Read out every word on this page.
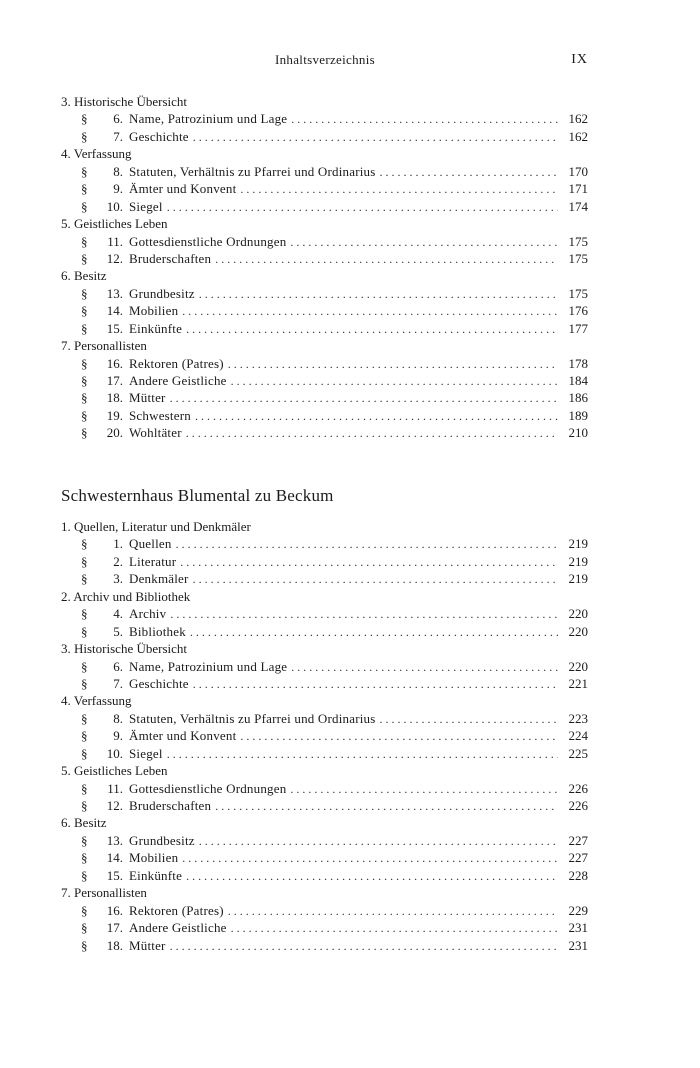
Inhaltsverzeichnis	IX
3. Historische Übersicht
§	6. Name, Patrozinium und Lage . . .	162
§	7. Geschichte . . .	162
4. Verfassung
§	8. Statuten, Verhältnis zu Pfarrei und Ordinarius . . .	170
§	9. Ämter und Konvent . . .	171
§	10. Siegel . . .	174
5. Geistliches Leben
§	11. Gottesdienstliche Ordnungen . . .	175
§	12. Bruderschaften . . .	175
6. Besitz
§	13. Grundbesitz . . .	175
§	14. Mobilien . . .	176
§	15. Einkünfte . . .	177
7. Personallisten
§	16. Rektoren (Patres) . . .	178
§	17. Andere Geistliche . . .	184
§	18. Mütter . . .	186
§	19. Schwestern . . .	189
§	20. Wohltäter . . .	210
Schwesternhaus Blumental zu Beckum
1. Quellen, Literatur und Denkmäler
§	1. Quellen . . .	219
§	2. Literatur . . .	219
§	3. Denkmäler . . .	219
2. Archiv und Bibliothek
§	4. Archiv . . .	220
§	5. Bibliothek . . .	220
3. Historische Übersicht
§	6. Name, Patrozinium und Lage . . .	220
§	7. Geschichte . . .	221
4. Verfassung
§	8. Statuten, Verhältnis zu Pfarrei und Ordinarius . . .	223
§	9. Ämter und Konvent . . .	224
§	10. Siegel . . .	225
5. Geistliches Leben
§	11. Gottesdienstliche Ordnungen . . .	226
§	12. Bruderschaften . . .	226
6. Besitz
§	13. Grundbesitz . . .	227
§	14. Mobilien . . .	227
§	15. Einkünfte . . .	228
7. Personallisten
§	16. Rektoren (Patres) . . .	229
§	17. Andere Geistliche . . .	231
§	18. Mütter . . .	231
